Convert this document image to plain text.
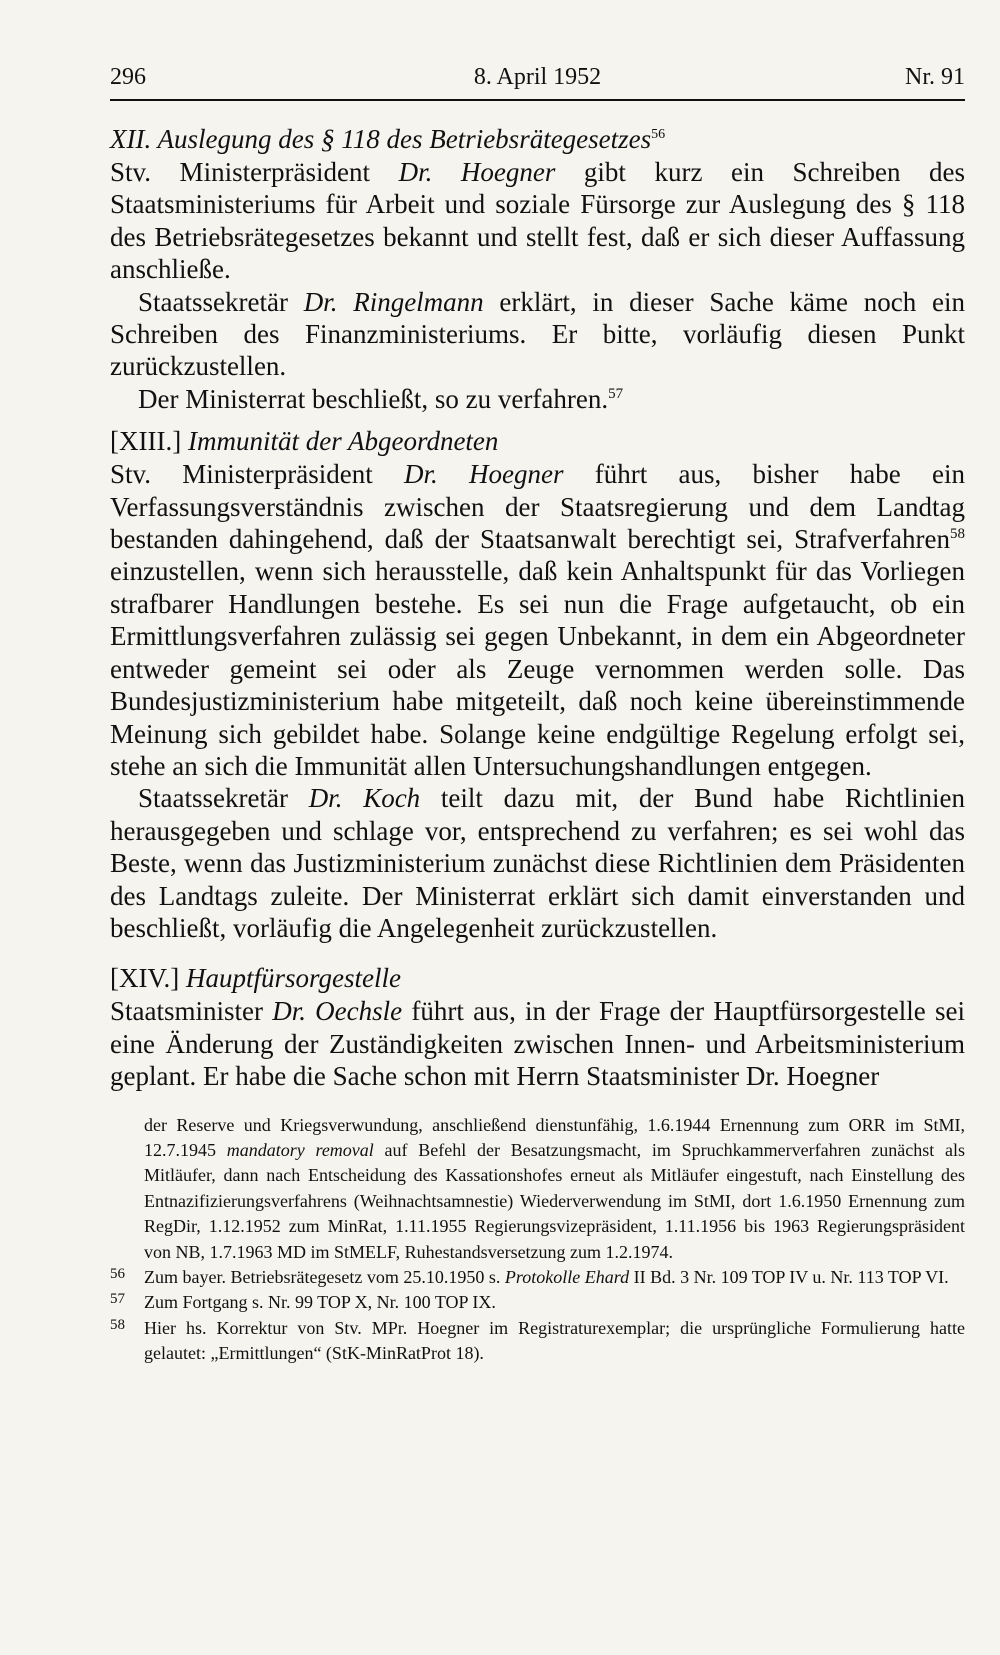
296	8. April 1952	Nr. 91
XII. Auslegung des § 118 des Betriebsrätegesetzes$^{56}$

Stv. Ministerpräsident Dr. Hoegner gibt kurz ein Schreiben des Staatsministeriums für Arbeit und soziale Fürsorge zur Auslegung des § 118 des Betriebsrätegesetzes bekannt und stellt fest, daß er sich dieser Auffassung anschließe.

Staatssekretär Dr. Ringelmann erklärt, in dieser Sache käme noch ein Schreiben des Finanzministeriums. Er bitte, vorläufig diesen Punkt zurückzustellen.

Der Ministerrat beschließt, so zu verfahren.$^{57}$

[XIII.] Immunität der Abgeordneten

Stv. Ministerpräsident Dr. Hoegner führt aus, bisher habe ein Verfassungsverständnis zwischen der Staatsregierung und dem Landtag bestanden dahingehend, daß der Staatsanwalt berechtigt sei, Strafverfahren$^{58}$ einzustellen, wenn sich herausstelle, daß kein Anhaltspunkt für das Vorliegen strafbarer Handlungen bestehe. Es sei nun die Frage aufgetaucht, ob ein Ermittlungsverfahren zulässig sei gegen Unbekannt, in dem ein Abgeordneter entweder gemeint sei oder als Zeuge vernommen werden solle. Das Bundesjustizministerium habe mitgeteilt, daß noch keine übereinstimmende Meinung sich gebildet habe. Solange keine endgültige Regelung erfolgt sei, stehe an sich die Immunität allen Untersuchungshandlungen entgegen.

Staatssekretär Dr. Koch teilt dazu mit, der Bund habe Richtlinien herausgegeben und schlage vor, entsprechend zu verfahren; es sei wohl das Beste, wenn das Justizministerium zunächst diese Richtlinien dem Präsidenten des Landtags zuleite. Der Ministerrat erklärt sich damit einverstanden und beschließt, vorläufig die Angelegenheit zurückzustellen.

[XIV.] Hauptfürsorgestelle

Staatsminister Dr. Oechsle führt aus, in der Frage der Hauptfürsorgestelle sei eine Änderung der Zuständigkeiten zwischen Innen- und Arbeitsministerium geplant. Er habe die Sache schon mit Herrn Staatsminister Dr. Hoegner

der Reserve und Kriegsverwundung, anschließend dienstunfähig, 1.6.1944 Ernennung zum ORR im StMI, 12.7.1945 mandatory removal auf Befehl der Besatzungsmacht, im Spruchkammerverfahren zunächst als Mitläufer, dann nach Entscheidung des Kassationshofes erneut als Mitläufer eingestuft, nach Einstellung des Entnazifizierungsverfahrens (Weihnachtsamnestie) Wiederverwendung im StMI, dort 1.6.1950 Ernennung zum RegDir, 1.12.1952 zum MinRat, 1.11.1955 Regierungsvizepräsident, 1.11.1956 bis 1963 Regierungspräsident von NB, 1.7.1963 MD im StMELF, Ruhestandsversetzung zum 1.2.1974.
56	Zum bayer. Betriebsrätegesetz vom 25.10.1950 s. Protokolle Ehard II Bd. 3 Nr. 109 TOP IV u. Nr. 113 TOP VI.
57	Zum Fortgang s. Nr. 99 TOP X, Nr. 100 TOP IX.
58	Hier hs. Korrektur von Stv. MPr. Hoegner im Registraturexemplar; die ursprüngliche Formulierung hatte gelautet: „Ermittlungen“ (StK-MinRatProt 18).
